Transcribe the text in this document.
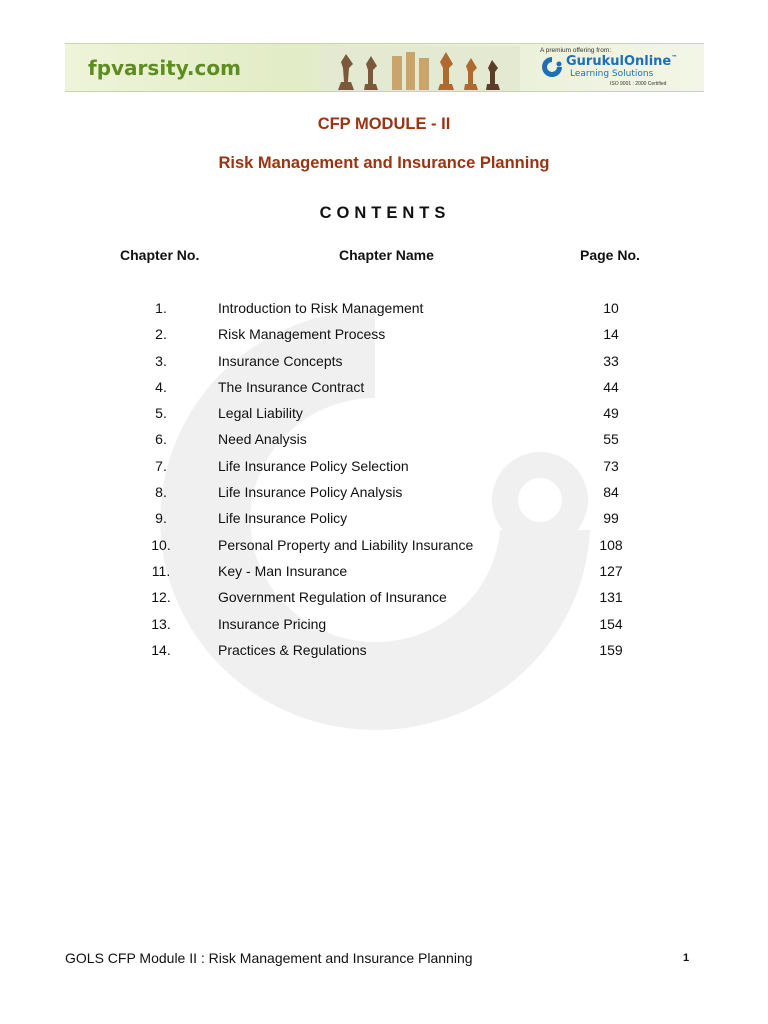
fpvarsity.com
A premium offering from:
GurukulOnline™
Learning Solutions
ISO 9001 : 2000 Certified
CFP MODULE - II
Risk Management and Insurance Planning
CONTENTS
Chapter No.	Chapter Name	Page No.
1.	Introduction to Risk Management	10
2.	Risk Management Process	14
3.	Insurance Concepts	33
4.	The Insurance Contract	44
5.	Legal Liability	49
6.	Need Analysis	55
7.	Life Insurance Policy Selection	73
8.	Life Insurance Policy Analysis	84
9.	Life Insurance Policy	99
10.	Personal Property and Liability Insurance	108
11.	Key - Man Insurance	127
12.	Government Regulation of Insurance	131
13.	Insurance Pricing	154
14.	Practices & Regulations	159
GOLS CFP Module II : Risk Management and Insurance Planning	1
